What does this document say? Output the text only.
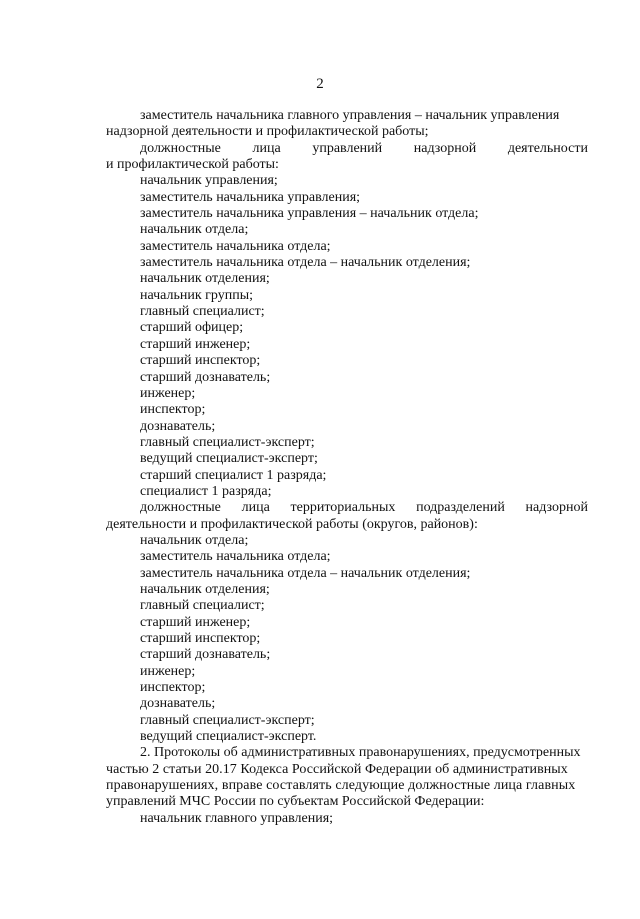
2
заместитель начальника главного управления – начальник управления

надзорной деятельности и профилактической работы;

должностные лица управлений надзорной деятельности

и профилактической работы:

начальник управления;

заместитель начальника управления;

заместитель начальника управления – начальник отдела;

начальник отдела;

заместитель начальника отдела;

заместитель начальника отдела – начальник отделения;

начальник отделения;

начальник группы;

главный специалист;

старший офицер;

старший инженер;

старший инспектор;

старший дознаватель;

инженер;

инспектор;

дознаватель;

главный специалист-эксперт;

ведущий специалист-эксперт;

старший специалист 1 разряда;

специалист 1 разряда;

должностные лица территориальных подразделений надзорной

деятельности и профилактической работы (округов, районов):

начальник отдела;

заместитель начальника отдела;

заместитель начальника отдела – начальник отделения;

начальник отделения;

главный специалист;

старший инженер;

старший инспектор;

старший дознаватель;

инженер;

инспектор;

дознаватель;

главный специалист-эксперт;

ведущий специалист-эксперт.

2. Протоколы об административных правонарушениях, предусмотренных

частью 2 статьи 20.17 Кодекса Российской Федерации об административных

правонарушениях, вправе составлять следующие должностные лица главных

управлений МЧС России по субъектам Российской Федерации:

начальник главного управления;
